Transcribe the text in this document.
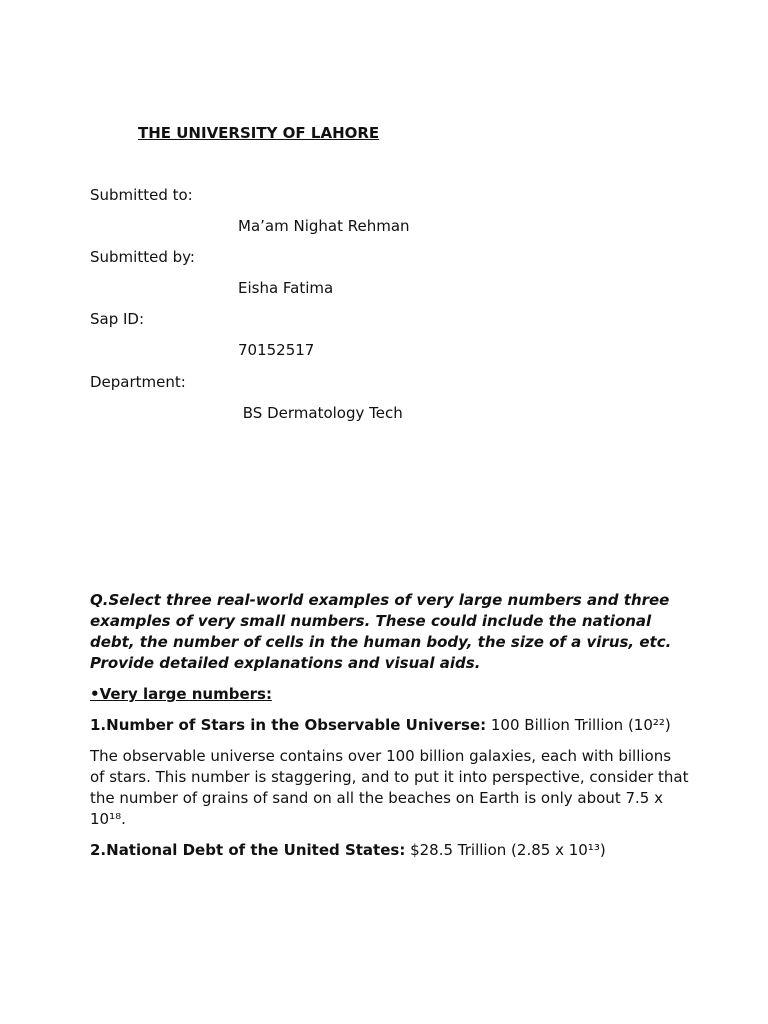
THE UNIVERSITY OF LAHORE
Submitted to:
Ma’am Nighat Rehman
Submitted by:
Eisha Fatima
Sap ID:
70152517
Department:
BS Dermatology Tech
Q.Select three real-world examples of very large numbers and three examples of very small numbers. These could include the national debt, the number of cells in the human body, the size of a virus, etc. Provide detailed explanations and visual aids.
•Very large numbers:
1.Number of Stars in the Observable Universe: 100 Billion Trillion (10²²)
The observable universe contains over 100 billion galaxies, each with billions of stars. This number is staggering, and to put it into perspective, consider that the number of grains of sand on all the beaches on Earth is only about 7.5 x 10¹⁸.
2.National Debt of the United States: $28.5 Trillion (2.85 x 10¹³)
